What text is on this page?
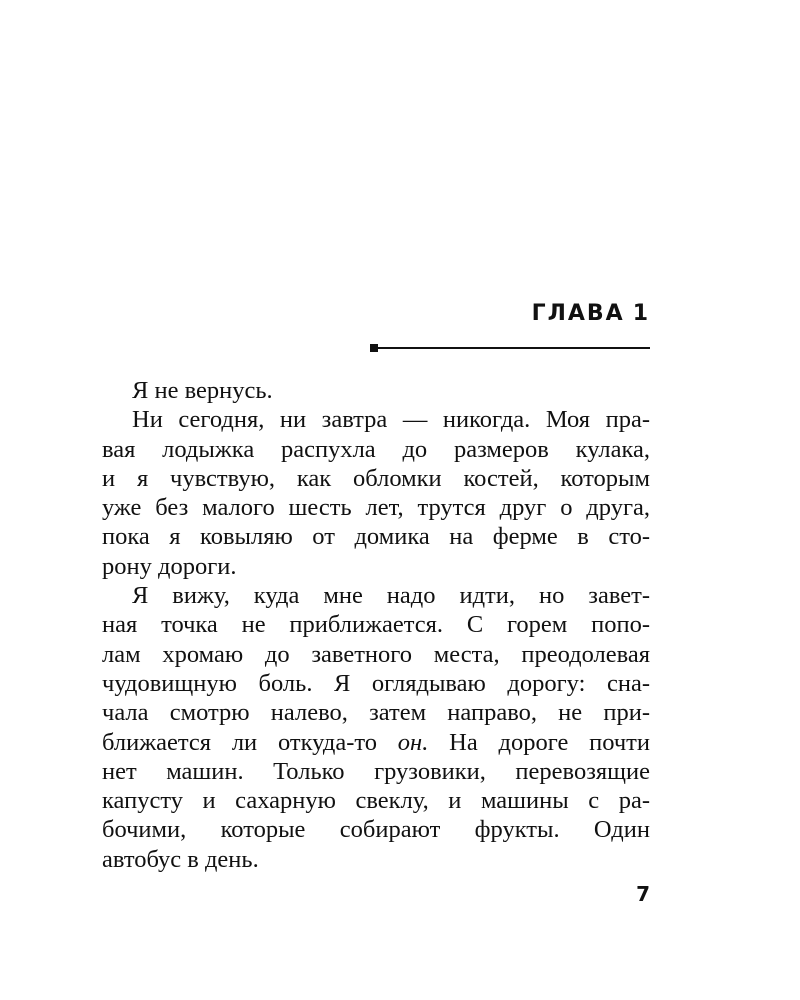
ГЛАВА 1
Я не вернусь.
Ни сегодня, ни завтра — никогда. Моя пра-
вая лодыжка распухла до размеров кулака,
и я чувствую, как обломки костей, которым
уже без малого шесть лет, трутся друг о друга,
пока я ковыляю от домика на ферме в сто-
рону дороги.
Я вижу, куда мне надо идти, но завет-
ная точка не приближается. С горем попо-
лам хромаю до заветного места, преодолевая
чудовищную боль. Я оглядываю дорогу: сна-
чала смотрю налево, затем направо, не при-
ближается ли откуда-то он. На дороге почти
нет машин. Только грузовики, перевозящие
капусту и сахарную свеклу, и машины с ра-
бочими, которые собирают фрукты. Один
автобус в день.
7
